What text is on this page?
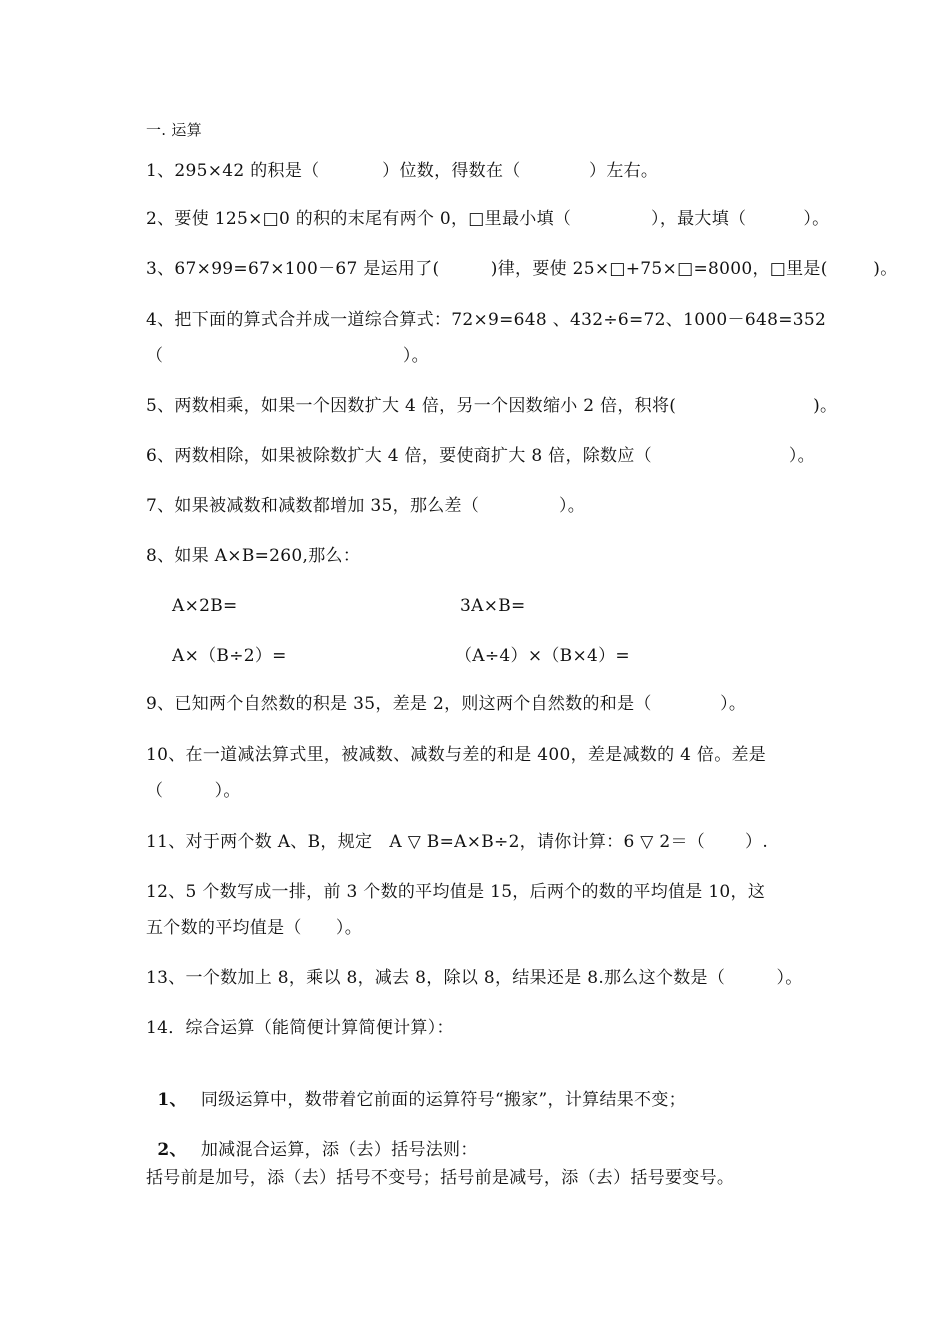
一. 运算
1、295×42 的积是（           ）位数，得数在（            ）左右。
2、要使 125×□0 的积的末尾有两个 0，□里最小填（              ），最大填（          ）。
3、67×99=67×100－67 是运用了(         )律，要使 25×□+75×□=8000，□里是(        )。
4、把下面的算式合并成一道综合算式：72×9=648 、432÷6=72、1000－648=352
（                                          ）。
5、两数相乘，如果一个因数扩大 4 倍，另一个因数缩小 2 倍，积将(                        )。
6、两数相除，如果被除数扩大 4 倍，要使商扩大 8 倍，除数应（                        ）。
7、如果被减数和减数都增加 35，那么差（              ）。
8、如果 A×B=260,那么：
A×2B=	3A×B=
A×（B÷2）=	（A÷4）×（B×4）=
9、已知两个自然数的积是 35，差是 2，则这两个自然数的和是（            ）。
10、在一道减法算式里，被减数、减数与差的和是 400，差是减数的 4 倍。差是
（         ）。
11、对于两个数 A、B，规定   A ▽ B=A×B÷2，请你计算：6 ▽ 2＝（       ）.
12、5 个数写成一排，前 3 个数的平均值是 15，后两个的数的平均值是 10，这
五个数的平均值是（      ）。
13、一个数加上 8，乘以 8，减去 8，除以 8，结果还是 8.那么这个数是（         ）。
14．综合运算（能简便计算简便计算）：

1、 同级运算中，数带着它前面的运算符号“搬家”，计算结果不变；

2、 加减混合运算，添（去）括号法则：

括号前是加号，添（去）括号不变号；括号前是减号，添（去）括号要变号。
